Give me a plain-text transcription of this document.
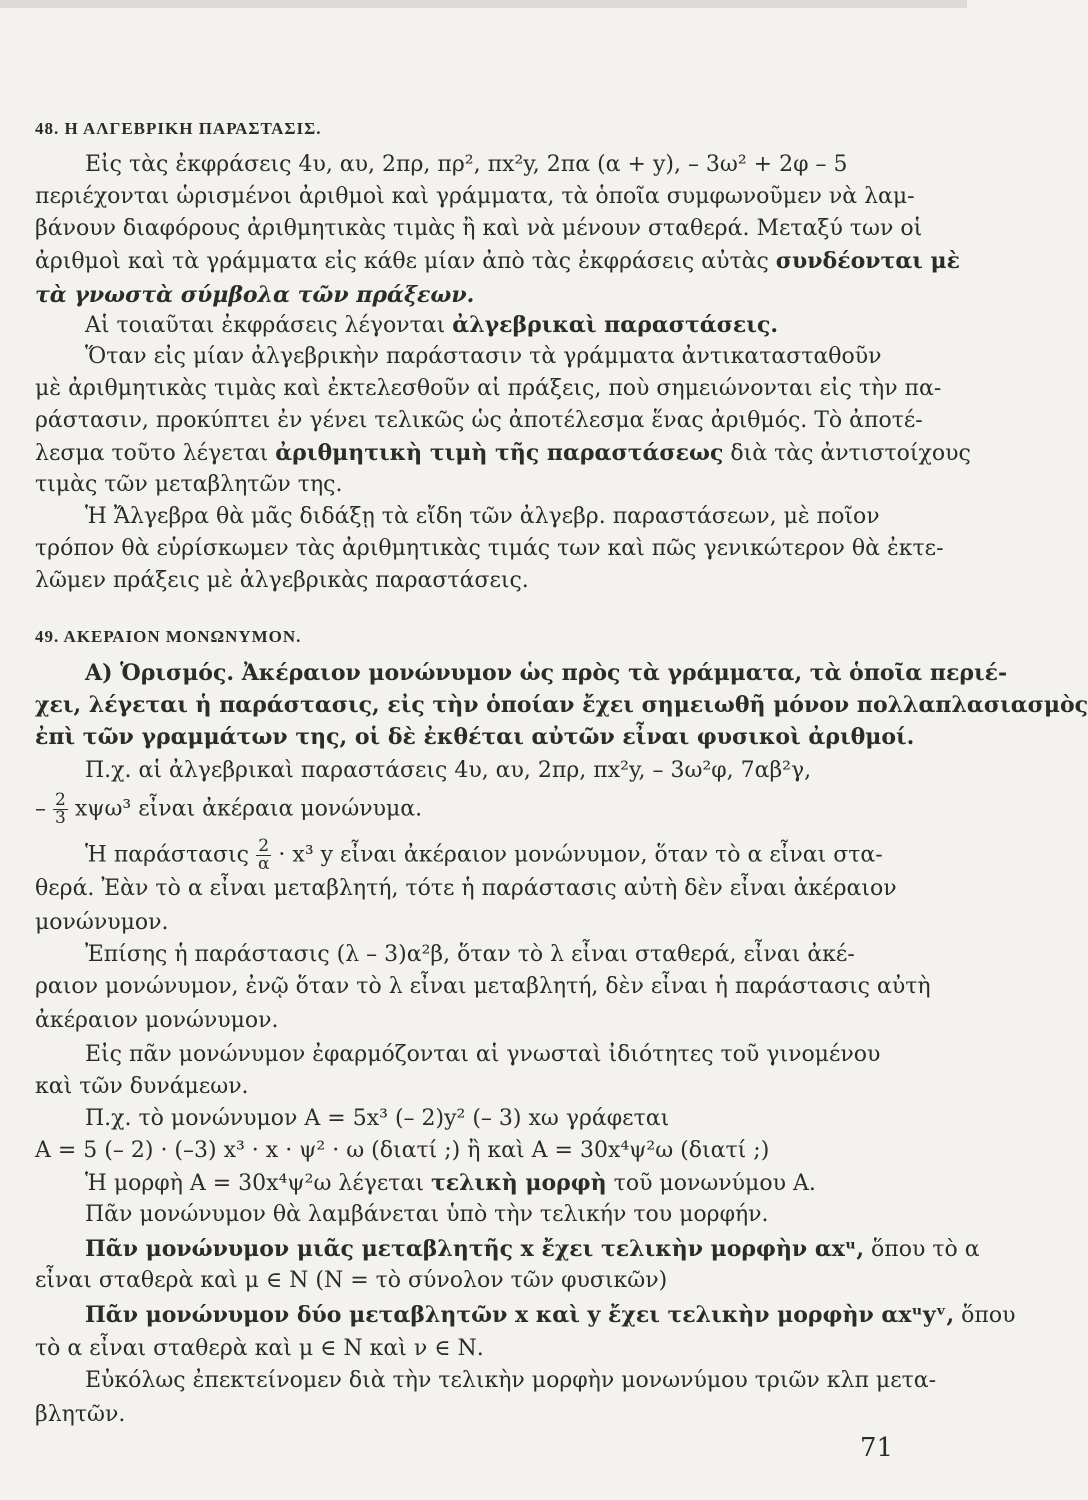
48. Η ΑΛΓΕΒΡΙΚΗ ΠΑΡΑΣΤΑΣΙΣ.
Εἰς τὰς ἐκφράσεις 4υ, αυ, 2πρ, πρ², πx²y, 2πα (α + y), – 3ω² + 2φ – 5
περιέχονται ὡρισμένοι ἀριθμοὶ καὶ γράμματα, τὰ ὁποῖα συμφωνοῦμεν νὰ λαμ-
βάνουν διαφόρους ἀριθμητικὰς τιμὰς ἢ καὶ νὰ μένουν σταθερά. Μεταξύ των οἱ
ἀριθμοὶ καὶ τὰ γράμματα εἰς κάθε μίαν ἀπὸ τὰς ἐκφράσεις αὐτὰς συνδέονται μὲ
τὰ γνωστὰ σύμβολα τῶν πράξεων.
Αἱ τοιαῦται ἐκφράσεις λέγονται ἀλγεβρικαὶ παραστάσεις.
Ὅταν εἰς μίαν ἀλγεβρικὴν παράστασιν τὰ γράμματα ἀντικατασταθοῦν
μὲ ἀριθμητικὰς τιμὰς καὶ ἐκτελεσθοῦν αἱ πράξεις, ποὺ σημειώνονται εἰς τὴν πα-
ράστασιν, προκύπτει ἐν γένει τελικῶς ὡς ἀποτέλεσμα ἕνας ἀριθμός. Τὸ ἀποτέ-
λεσμα τοῦτο λέγεται ἀριθμητικὴ τιμὴ τῆς παραστάσεως διὰ τὰς ἀντιστοίχους
τιμὰς τῶν μεταβλητῶν της.
Ἡ Ἄλγεβρα θὰ μᾶς διδάξῃ τὰ εἴδη τῶν ἀλγεβρ. παραστάσεων, μὲ ποῖον
τρόπον θὰ εὑρίσκωμεν τὰς ἀριθμητικὰς τιμάς των καὶ πῶς γενικώτερον θὰ ἐκτε-
λῶμεν πράξεις μὲ ἀλγεβρικὰς παραστάσεις.
49. ΑΚΕΡΑΙΟΝ ΜΟΝΩΝΥΜΟΝ.
Α) Ὁρισμός. Ἀκέραιον μονώνυμον ὡς πρὸς τὰ γράμματα, τὰ ὁποῖα περιέ-
χει, λέγεται ἡ παράστασις, εἰς τὴν ὁποίαν ἔχει σημειωθῆ μόνον πολλαπλασιασμὸς
ἐπὶ τῶν γραμμάτων της, οἱ δὲ ἐκθέται αὐτῶν εἶναι φυσικοὶ ἀριθμοί.
Π.χ. αἱ ἀλγεβρικαὶ παραστάσεις 4υ, αυ, 2πρ, πx²y, – 3ω²φ, 7αβ²γ,
– $\frac{2}{3} x\psi\omega^3$ εἶναι ἀκέραια μονώνυμα.
Ἡ παράστασις $\frac{2}{\alpha} \cdot x^3$ y εἶναι ἀκέραιον μονώνυμον, ὅταν τὸ α εἶναι στα-
θερά. Ἐὰν τὸ α εἶναι μεταβλητή, τότε ἡ παράστασις αὐτὴ δὲν εἶναι ἀκέραιον
μονώνυμον.
Ἐπίσης ἡ παράστασις (λ – 3)α²β, ὅταν τὸ λ εἶναι σταθερά, εἶναι ἀκέ-
ραιον μονώνυμον, ἐνῷ ὅταν τὸ λ εἶναι μεταβλητή, δὲν εἶναι ἡ παράστασις αὐτὴ
ἀκέραιον μονώνυμον.
Εἰς πᾶν μονώνυμον ἐφαρμόζονται αἱ γνωσταὶ ἰδιότητες τοῦ γινομένου
καὶ τῶν δυνάμεων.
Π.χ. τὸ μονώνυμον Α = 5x³ (– 2)y² (– 3) xω γράφεται
Α = 5 (– 2) · (–3) x³ · x · ψ² · ω (διατί ;) ἢ καὶ Α = 30x⁴ψ²ω (διατί ;)
Ἡ μορφὴ Α = 30x⁴ψ²ω λέγεται τελικὴ μορφὴ τοῦ μονωνύμου Α.
Πᾶν μονώνυμον θὰ λαμβάνεται ὑπὸ τὴν τελικήν του μορφήν.
Πᾶν μονώνυμον μιᾶς μεταβλητῆς x ἔχει τελικὴν μορφὴν αxᵘ, ὅπου τὸ α
εἶναι σταθερὰ καὶ μ ∈ Ν (Ν = τὸ σύνολον τῶν φυσικῶν)
Πᾶν μονώνυμον δύο μεταβλητῶν x καὶ y ἔχει τελικὴν μορφὴν αxᵘyᵛ, ὅπου
τὸ α εἶναι σταθερὰ καὶ μ ∈ Ν καὶ ν ∈ Ν.
Εὐκόλως ἐπεκτείνομεν διὰ τὴν τελικὴν μορφὴν μονωνύμου τριῶν κλπ μετα-
βλητῶν.
71
